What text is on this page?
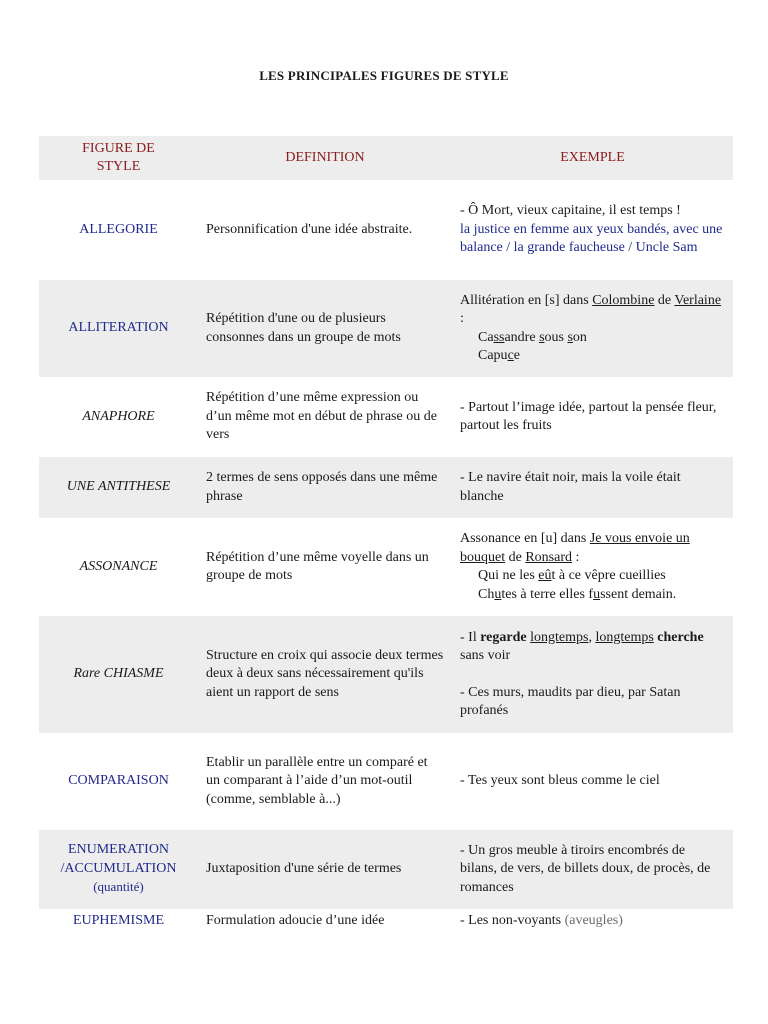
LES PRINCIPALES FIGURES DE STYLE
FIGURE DE
STYLE	DEFINITION	EXEMPLE
ALLEGORIE	Personnification d'une idée abstraite.	- Ô Mort, vieux capitaine, il est temps !
la justice en femme aux yeux bandés, avec une balance / la grande faucheuse / Uncle Sam
ALLITERATION	Répétition d'une ou de plusieurs consonnes dans un groupe de mots	Allitération en [s] dans Colombine de Verlaine :
Cassandre sous son
Capuce

ANAPHORE	Répétition d’une même expression ou d’un même mot en début de phrase ou de vers	- Partout l’image idée, partout la pensée fleur, partout les fruits
UNE ANTITHESE	2 termes de sens opposés dans une même phrase	- Le navire était noir, mais la voile était blanche
ASSONANCE	Répétition d’une même voyelle dans un groupe de mots	Assonance en [u] dans Je vous envoie un bouquet de Ronsard :
Qui ne les eût à ce vêpre cueillies
Chutes à terre elles fussent demain.

Rare CHIASME	Structure en croix qui associe deux termes deux à deux sans nécessairement qu'ils aient un rapport de sens	- Il regarde longtemps, longtemps cherche sans voir
- Ces murs, maudits par dieu, par Satan profanés
COMPARAISON	Etablir un parallèle entre un comparé et un comparant à l’aide d’un mot-outil (comme, semblable à...)	- Tes yeux sont bleus comme le ciel
ENUMERATION
/ACCUMULATION
(quantité)	Juxtaposition d'une série de termes	- Un gros meuble à tiroirs encombrés de bilans, de vers, de billets doux, de procès, de romances
EUPHEMISME	Formulation adoucie d’une idée	- Les non-voyants (aveugles)
